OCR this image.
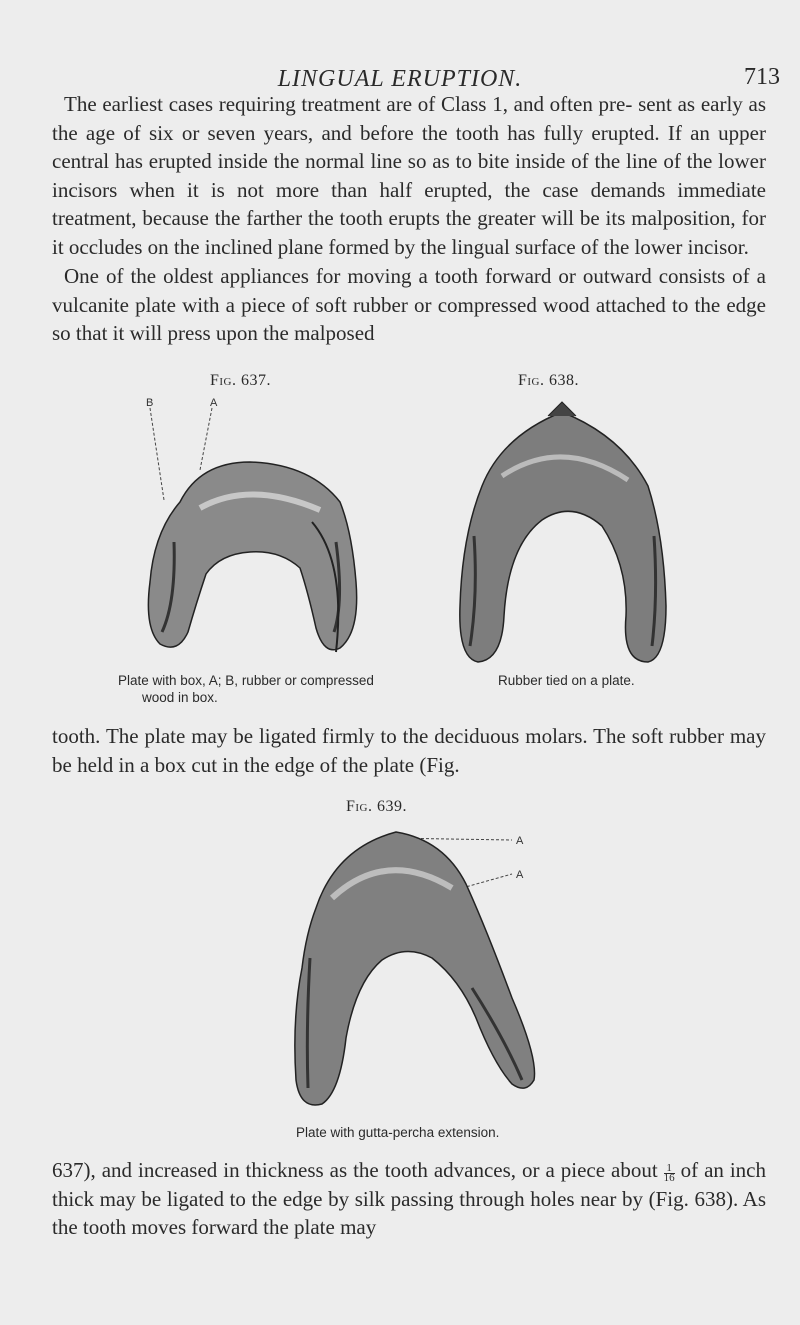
LINGUAL ERUPTION.	713

The earliest cases requiring treatment are of Class 1, and often pre- sent as early as the age of six or seven years, and before the tooth has fully erupted. If an upper central has erupted inside the normal line so as to bite inside of the line of the lower incisors when it is not more than half erupted, the case demands immediate treatment, because the farther the tooth erupts the greater will be its malposition, for it occludes on the inclined plane formed by the lingual surface of the lower incisor.

One of the oldest appliances for moving a tooth forward or outward consists of a vulcanite plate with a piece of soft rubber or compressed wood attached to the edge so that it will press upon the malposed

Fig. 637.
B	A
Plate with box, A; B, rubber or compressed
wood in box.
Fig. 638.
Rubber tied on a plate.

tooth. The plate may be ligated firmly to the deciduous molars. The soft rubber may be held in a box cut in the edge of the plate (Fig.

Fig. 639.
A
A
Plate with gutta-percha extension.

637), and increased in thickness as the tooth advances, or a piece about $\frac{1}{16}$ of an inch thick may be ligated to the edge by silk passing through holes near by (Fig. 638). As the tooth moves forward the plate may
